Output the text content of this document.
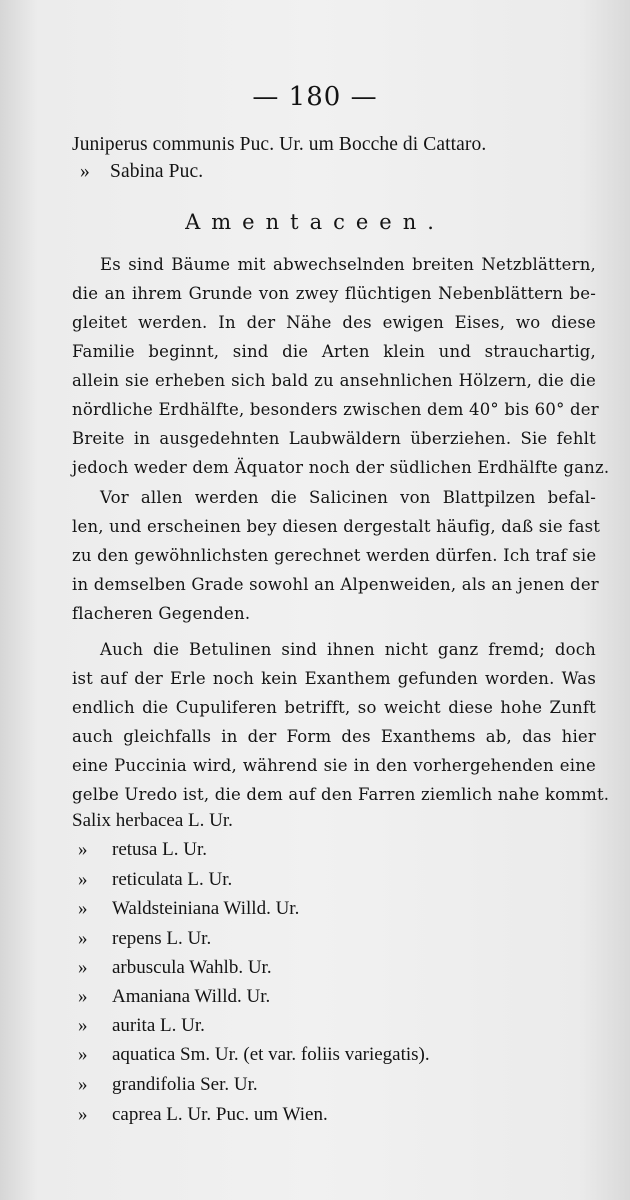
— 180 —
Juniperus communis Puc. Ur. um Bocche di Cattaro.
» Sabina Puc.
Amentaceen.
Es sind Bäume mit abwechselnden breiten Netzblättern,
die an ihrem Grunde von zwey flüchtigen Nebenblättern be-
gleitet werden. In der Nähe des ewigen Eises, wo diese
Familie beginnt, sind die Arten klein und strauchartig,
allein sie erheben sich bald zu ansehnlichen Hölzern, die die
nördliche Erdhälfte, besonders zwischen dem 40° bis 60° der
Breite in ausgedehnten Laubwäldern überziehen. Sie fehlt
jedoch weder dem Äquator noch der südlichen Erdhälfte ganz.
Vor allen werden die Salicinen von Blattpilzen befal-
len, und erscheinen bey diesen dergestalt häufig, daß sie fast
zu den gewöhnlichsten gerechnet werden dürfen. Ich traf sie
in demselben Grade sowohl an Alpenweiden, als an jenen der
flacheren Gegenden.
Auch die Betulinen sind ihnen nicht ganz fremd; doch
ist auf der Erle noch kein Exanthem gefunden worden. Was
endlich die Cupuliferen betrifft, so weicht diese hohe Zunft
auch gleichfalls in der Form des Exanthems ab, das hier
eine Puccinia wird, während sie in den vorhergehenden eine
gelbe Uredo ist, die dem auf den Farren ziemlich nahe kommt.
Salix herbacea L. Ur.
» retusa L. Ur.
» reticulata L. Ur.
» Waldsteiniana Willd. Ur.
» repens L. Ur.
» arbuscula Wahlb. Ur.
» Amaniana Willd. Ur.
» aurita L. Ur.
» aquatica Sm. Ur. (et var. foliis variegatis).
» grandifolia Ser. Ur.
» caprea L. Ur. Puc. um Wien.
